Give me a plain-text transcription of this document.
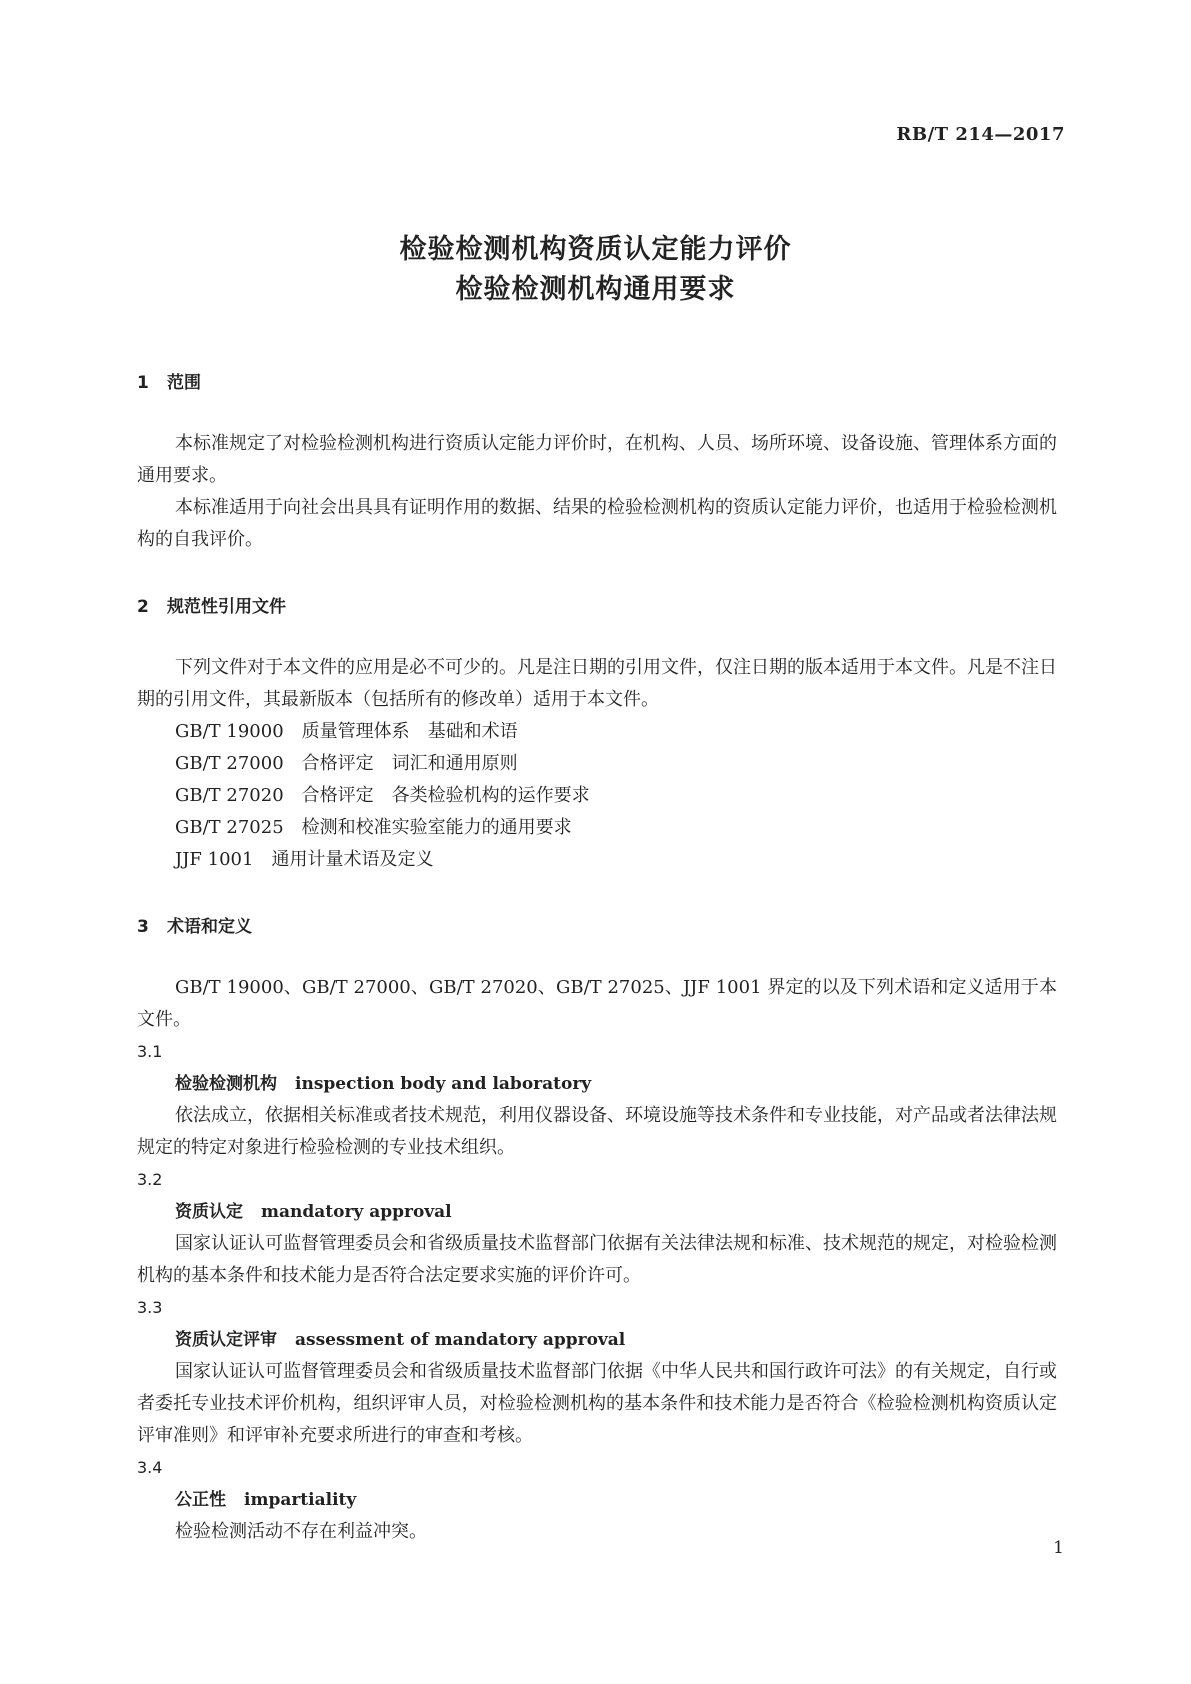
RB/T 214—2017
检验检测机构资质认定能力评价
检验检测机构通用要求
1 范围
本标准规定了对检验检测机构进行资质认定能力评价时，在机构、人员、场所环境、设备设施、管理体系方面的通用要求。
本标准适用于向社会出具具有证明作用的数据、结果的检验检测机构的资质认定能力评价，也适用于检验检测机构的自我评价。
2 规范性引用文件
下列文件对于本文件的应用是必不可少的。凡是注日期的引用文件，仅注日期的版本适用于本文件。凡是不注日期的引用文件，其最新版本（包括所有的修改单）适用于本文件。
GB/T 19000 质量管理体系　基础和术语
GB/T 27000 合格评定　词汇和通用原则
GB/T 27020 合格评定　各类检验机构的运作要求
GB/T 27025 检测和校准实验室能力的通用要求
JJF 1001 通用计量术语及定义
3 术语和定义
GB/T 19000、GB/T 27000、GB/T 27020、GB/T 27025、JJF 1001 界定的以及下列术语和定义适用于本文件。
3.1
检验检测机构 inspection body and laboratory
依法成立，依据相关标准或者技术规范，利用仪器设备、环境设施等技术条件和专业技能，对产品或者法律法规规定的特定对象进行检验检测的专业技术组织。
3.2
资质认定 mandatory approval
国家认证认可监督管理委员会和省级质量技术监督部门依据有关法律法规和标准、技术规范的规定，对检验检测机构的基本条件和技术能力是否符合法定要求实施的评价许可。
3.3
资质认定评审 assessment of mandatory approval
国家认证认可监督管理委员会和省级质量技术监督部门依据《中华人民共和国行政许可法》的有关规定，自行或者委托专业技术评价机构，组织评审人员，对检验检测机构的基本条件和技术能力是否符合《检验检测机构资质认定评审准则》和评审补充要求所进行的审查和考核。
3.4
公正性 impartiality
检验检测活动不存在利益冲突。
1
